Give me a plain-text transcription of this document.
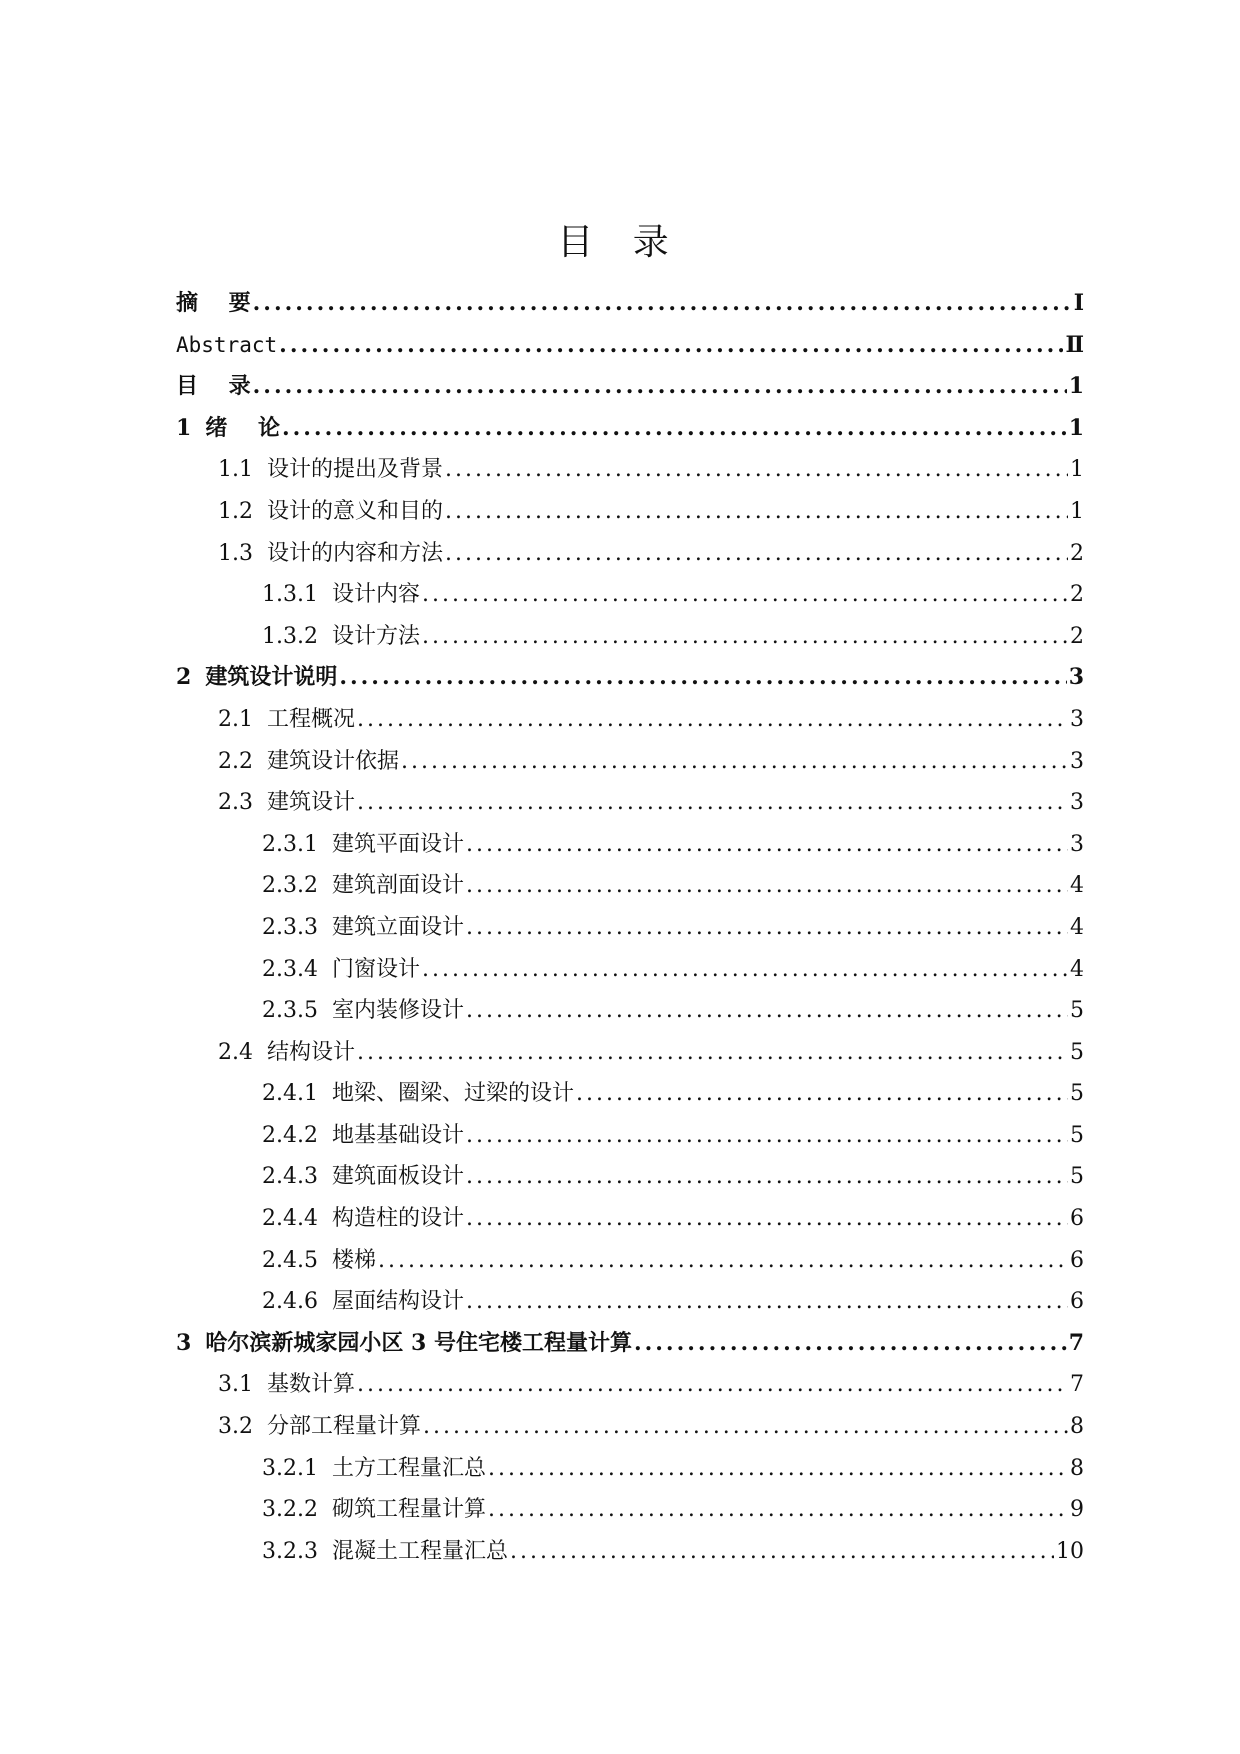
目 录
摘    要 .....	Ⅰ
Abstract .....	Ⅱ
目    录 .....	1
1 绪    论 .....	1
1.1 设计的提出及背景 .....	1
1.2 设计的意义和目的 .....	1
1.3 设计的内容和方法 .....	2
1.3.1 设计内容 .....	2
1.3.2 设计方法 .....	2
2 建筑设计说明 .....	3
2.1 工程概况 .....	3
2.2 建筑设计依据 .....	3
2.3 建筑设计 .....	3
2.3.1 建筑平面设计 .....	3
2.3.2 建筑剖面设计 .....	4
2.3.3 建筑立面设计 .....	4
2.3.4 门窗设计 .....	4
2.3.5 室内装修设计 .....	5
2.4 结构设计 .....	5
2.4.1 地梁、圈梁、过梁的设计 .....	5
2.4.2 地基基础设计 .....	5
2.4.3 建筑面板设计 .....	5
2.4.4 构造柱的设计 .....	6
2.4.5 楼梯 .....	6
2.4.6 屋面结构设计 .....	6
3 哈尔滨新城家园小区 3 号住宅楼工程量计算 .....	7
3.1 基数计算 .....	7
3.2 分部工程量计算 .....	8
3.2.1 土方工程量汇总 .....	8
3.2.2 砌筑工程量计算 .....	9
3.2.3 混凝土工程量汇总 .....	10
